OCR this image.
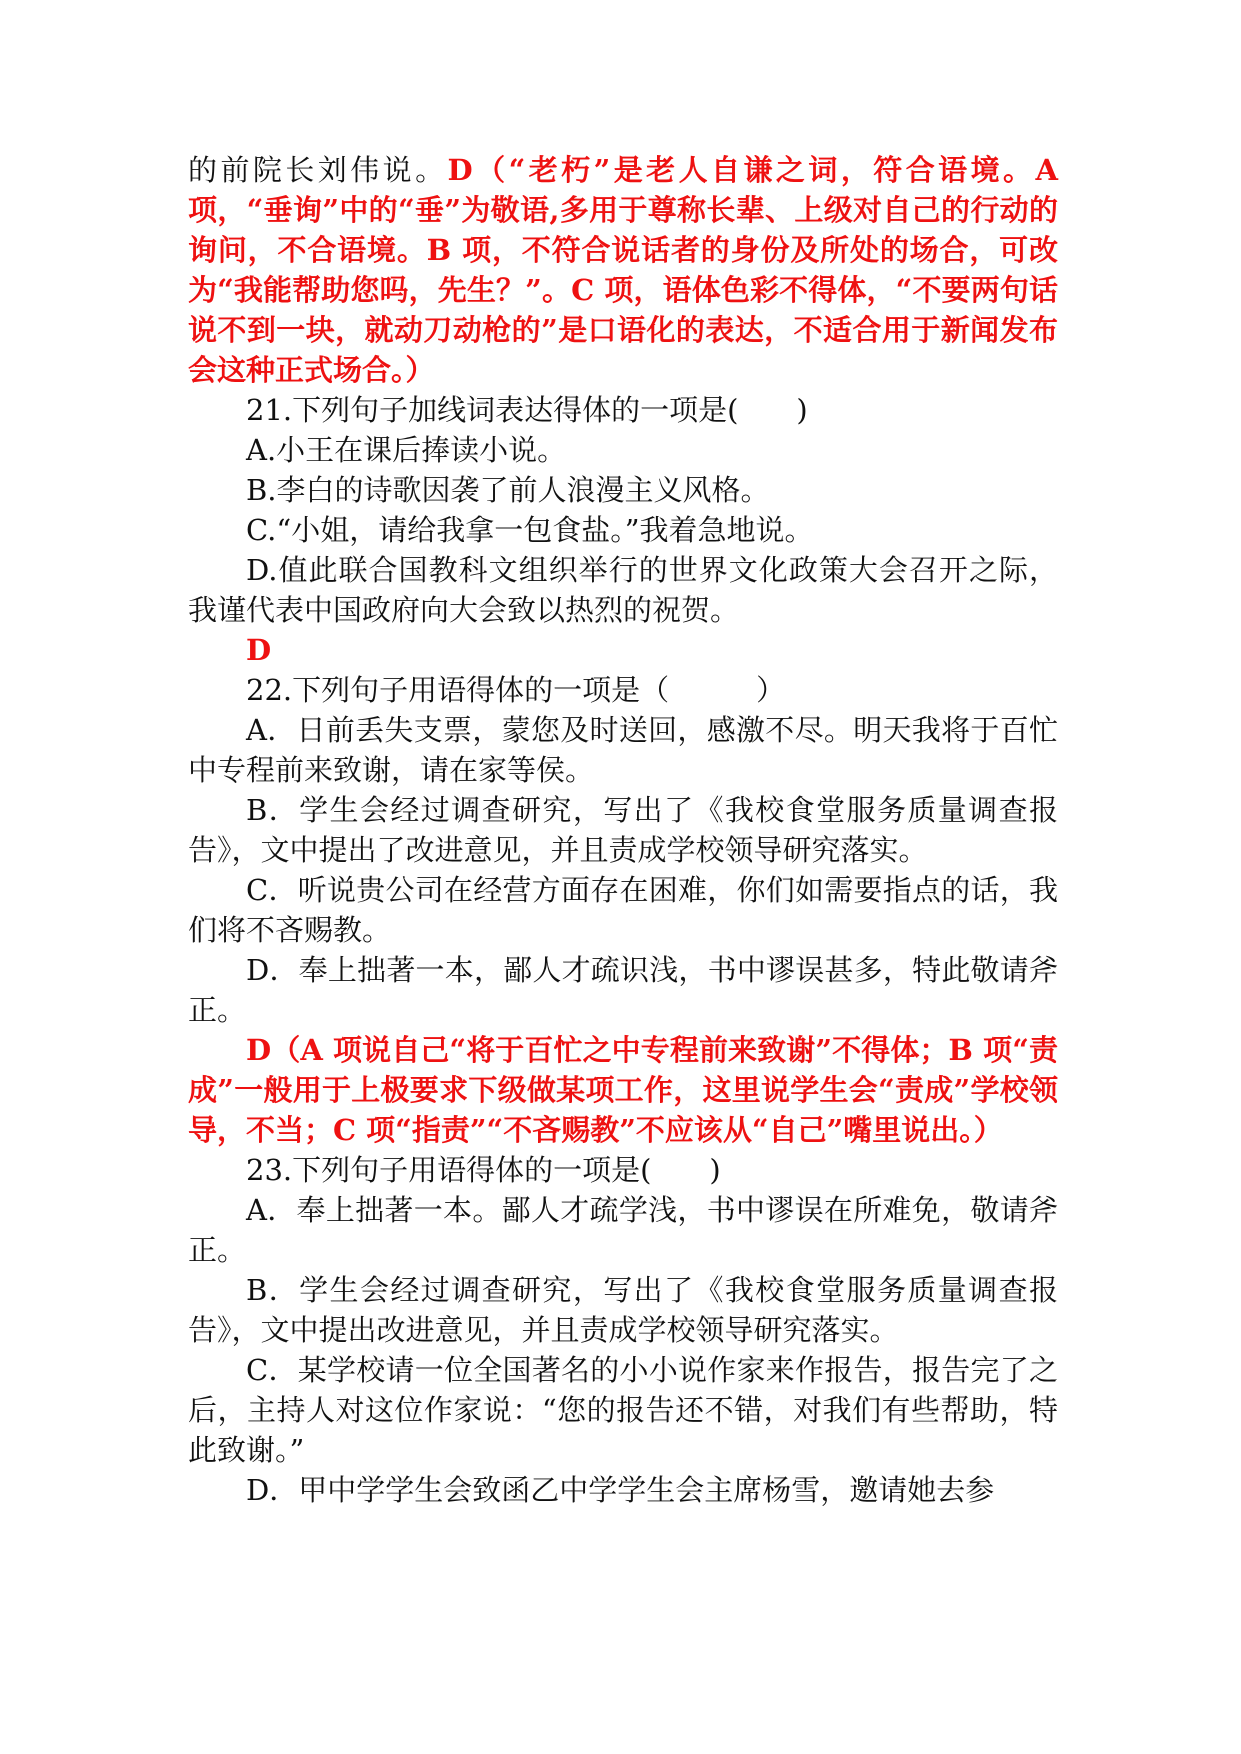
的前院长刘伟说。D（“老朽”是老人自谦之词，符合语境。A 项，“垂询”中的“垂”为敬语,多用于尊称长辈、上级对自己的行动的询问，不合语境。B 项，不符合说话者的身份及所处的场合，可改为“我能帮助您吗，先生？”。C 项，语体色彩不得体，“不要两句话说不到一块，就动刀动枪的”是口语化的表达，不适合用于新闻发布会这种正式场合。）

21.下列句子加线词表达得体的一项是(　　)

A.小王在课后捧读小说。

B.李白的诗歌因袭了前人浪漫主义风格。

C.“小姐，请给我拿一包食盐。”我着急地说。

D.值此联合国教科文组织举行的世界文化政策大会召开之际，我谨代表中国政府向大会致以热烈的祝贺。

D

22.下列句子用语得体的一项是（　　　）

A．日前丢失支票，蒙您及时送回，感激不尽。明天我将于百忙中专程前来致谢，请在家等侯。

B．学生会经过调查研究，写出了《我校食堂服务质量调查报告》，文中提出了改进意见，并且责成学校领导研究落实。

C．听说贵公司在经营方面存在困难，你们如需要指点的话，我们将不吝赐教。

D．奉上拙著一本，鄙人才疏识浅，书中谬误甚多，特此敬请斧正。

D（A 项说自己“将于百忙之中专程前来致谢”不得体；B 项“责成”一般用于上极要求下级做某项工作，这里说学生会“责成”学校领导，不当；C 项“指责”“不吝赐教”不应该从“自己”嘴里说出。）

23.下列句子用语得体的一项是(　　)

A．奉上拙著一本。鄙人才疏学浅，书中谬误在所难免，敬请斧正。

B．学生会经过调查研究，写出了《我校食堂服务质量调查报告》，文中提出改进意见，并且责成学校领导研究落实。

C．某学校请一位全国著名的小小说作家来作报告，报告完了之后，主持人对这位作家说：“您的报告还不错，对我们有些帮助，特此致谢。”

D．甲中学学生会致函乙中学学生会主席杨雪，邀请她去参
